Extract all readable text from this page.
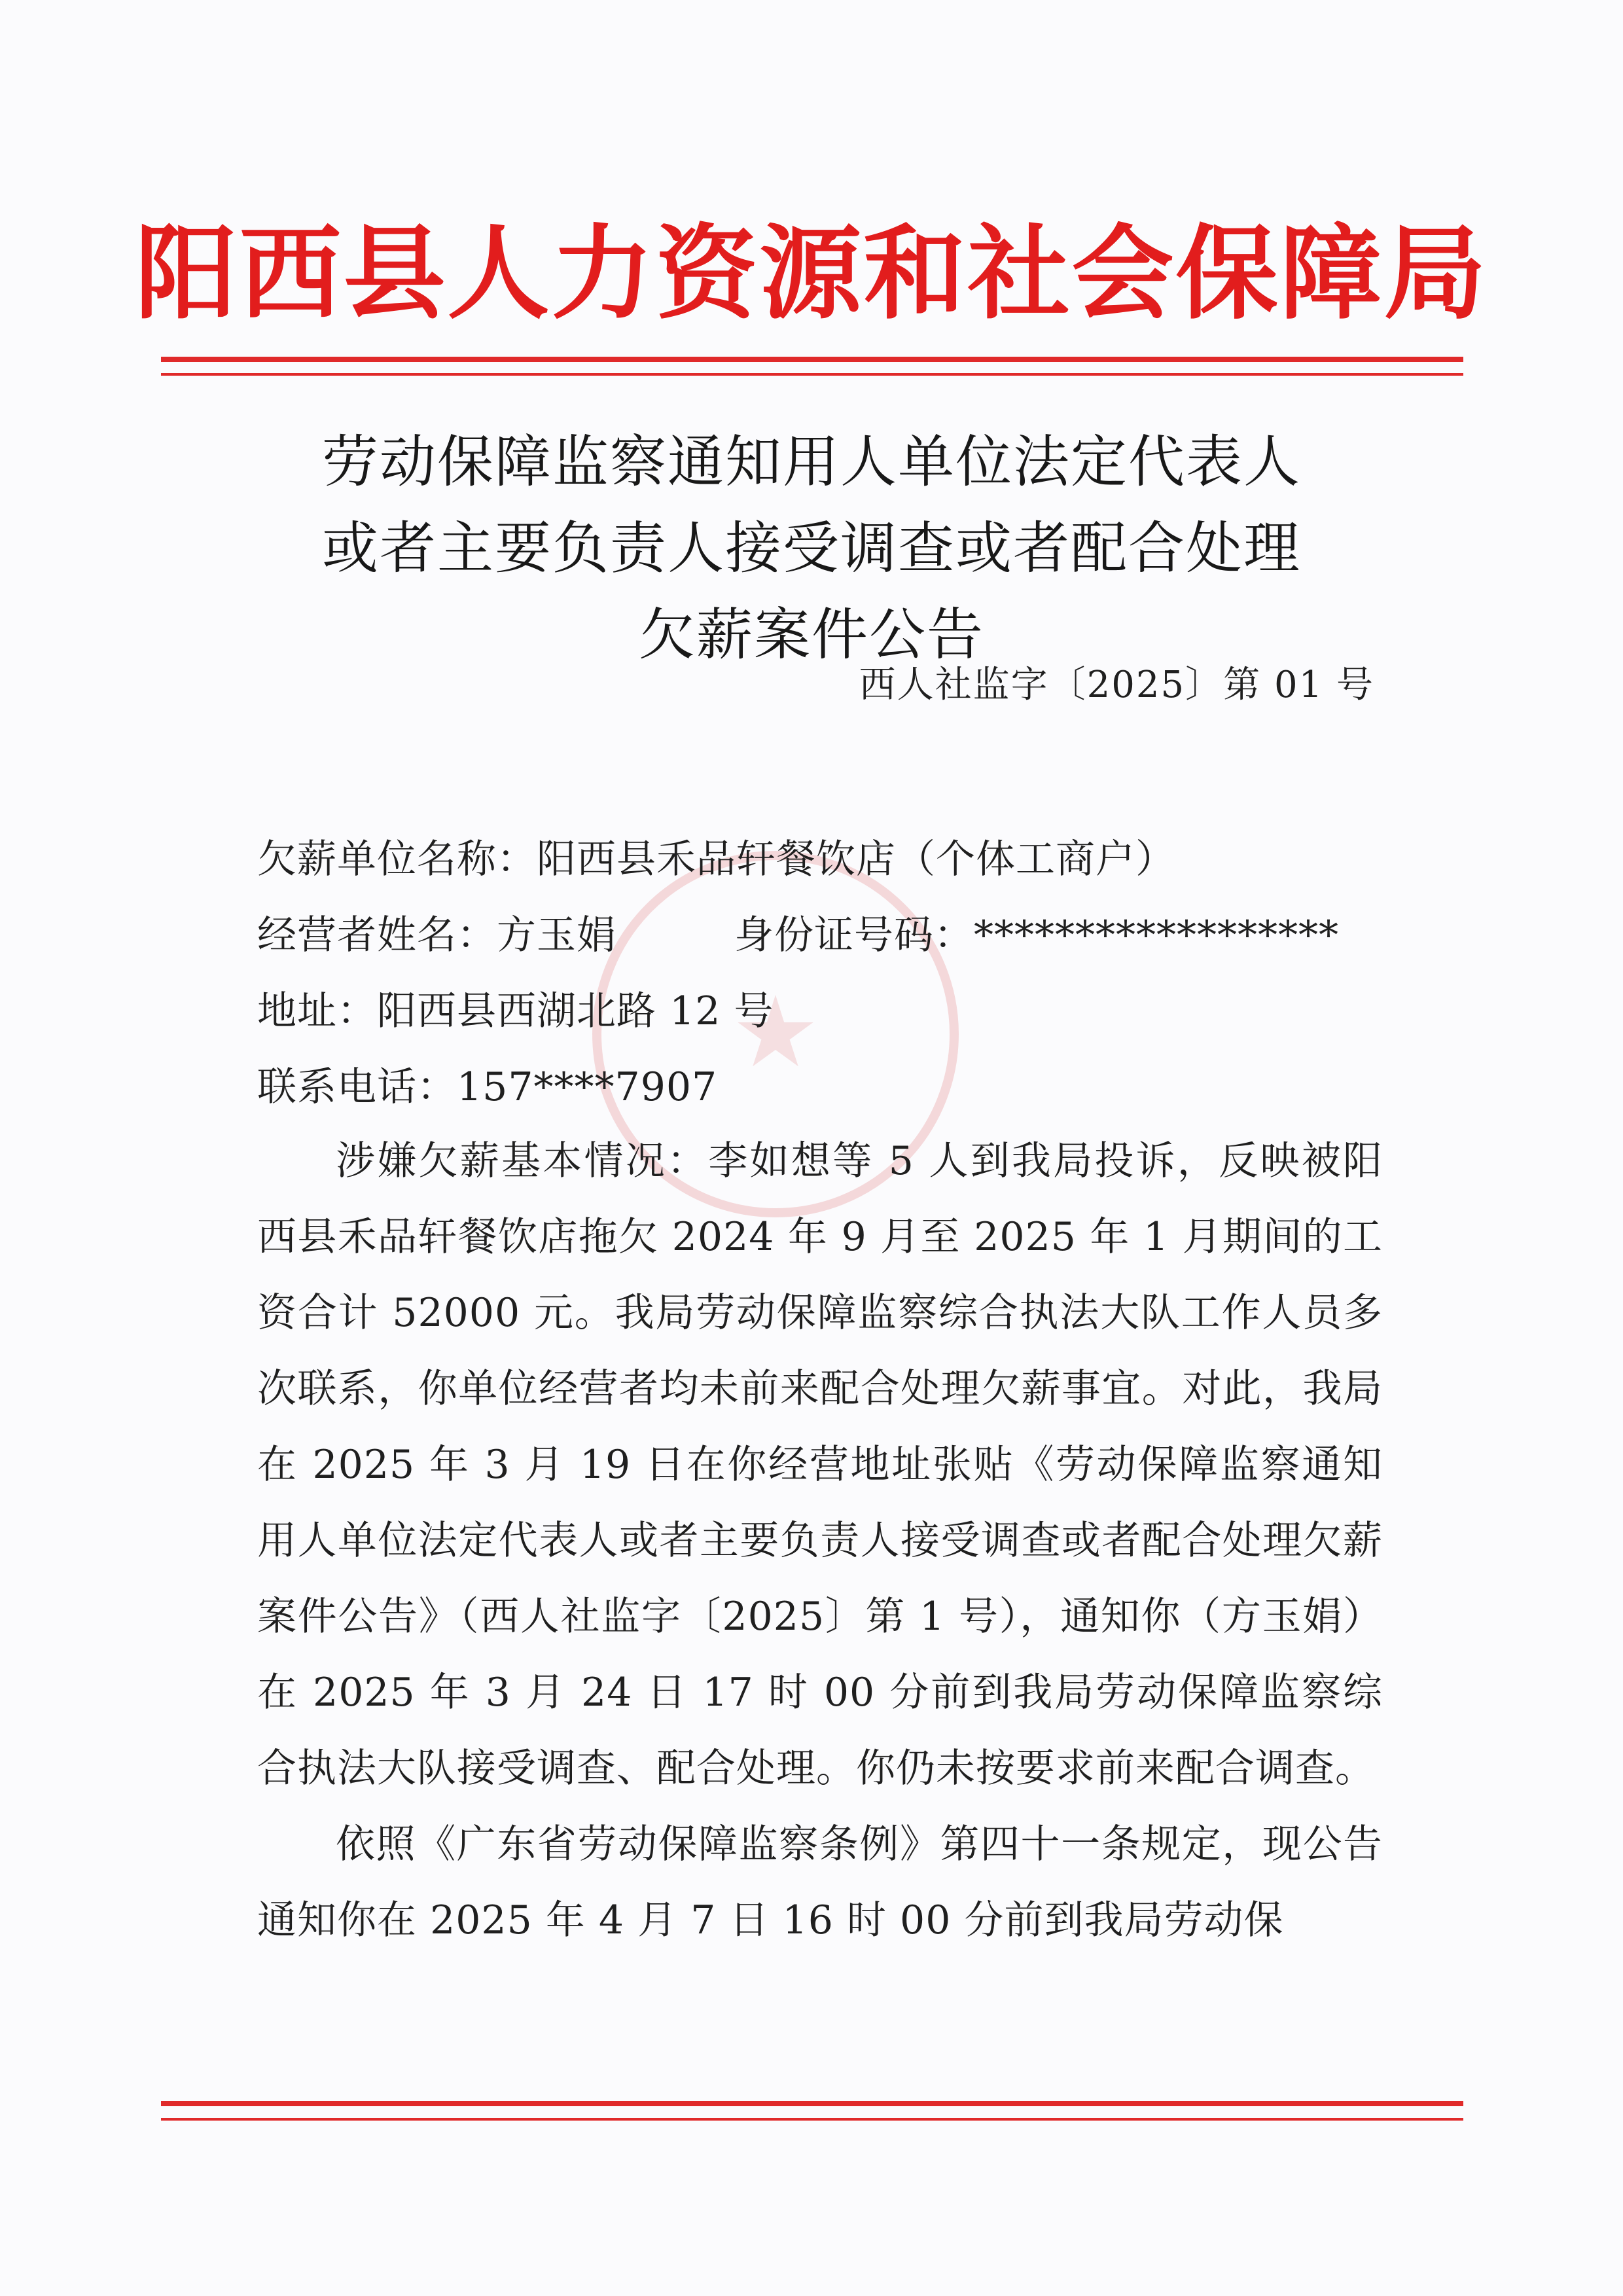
阳西县人力资源和社会保障局
劳动保障监察通知用人单位法定代表人
或者主要负责人接受调查或者配合处理
欠薪案件公告
西人社监字〔2025〕第 01 号
欠薪单位名称：阳西县禾品轩餐饮店（个体工商户）
经营者姓名：方玉娟	身份证号码：******************
地址：阳西县西湖北路 12 号
联系电话：157****7907

涉嫌欠薪基本情况：李如想等 5 人到我局投诉，反映被阳西县禾品轩餐饮店拖欠 2024 年 9 月至 2025 年 1 月期间的工资合计 52000 元。我局劳动保障监察综合执法大队工作人员多次联系，你单位经营者均未前来配合处理欠薪事宜。对此，我局在 2025 年 3 月 19 日在你经营地址张贴《劳动保障监察通知用人单位法定代表人或者主要负责人接受调查或者配合处理欠薪案件公告》（西人社监字〔2025〕第 1 号），通知你（方玉娟）在 2025 年 3 月 24 日 17 时 00 分前到我局劳动保障监察综合执法大队接受调查、配合处理。你仍未按要求前来配合调查。

依照《广东省劳动保障监察条例》第四十一条规定，现公告通知你在 2025 年 4 月 7 日 16 时 00 分前到我局劳动保
